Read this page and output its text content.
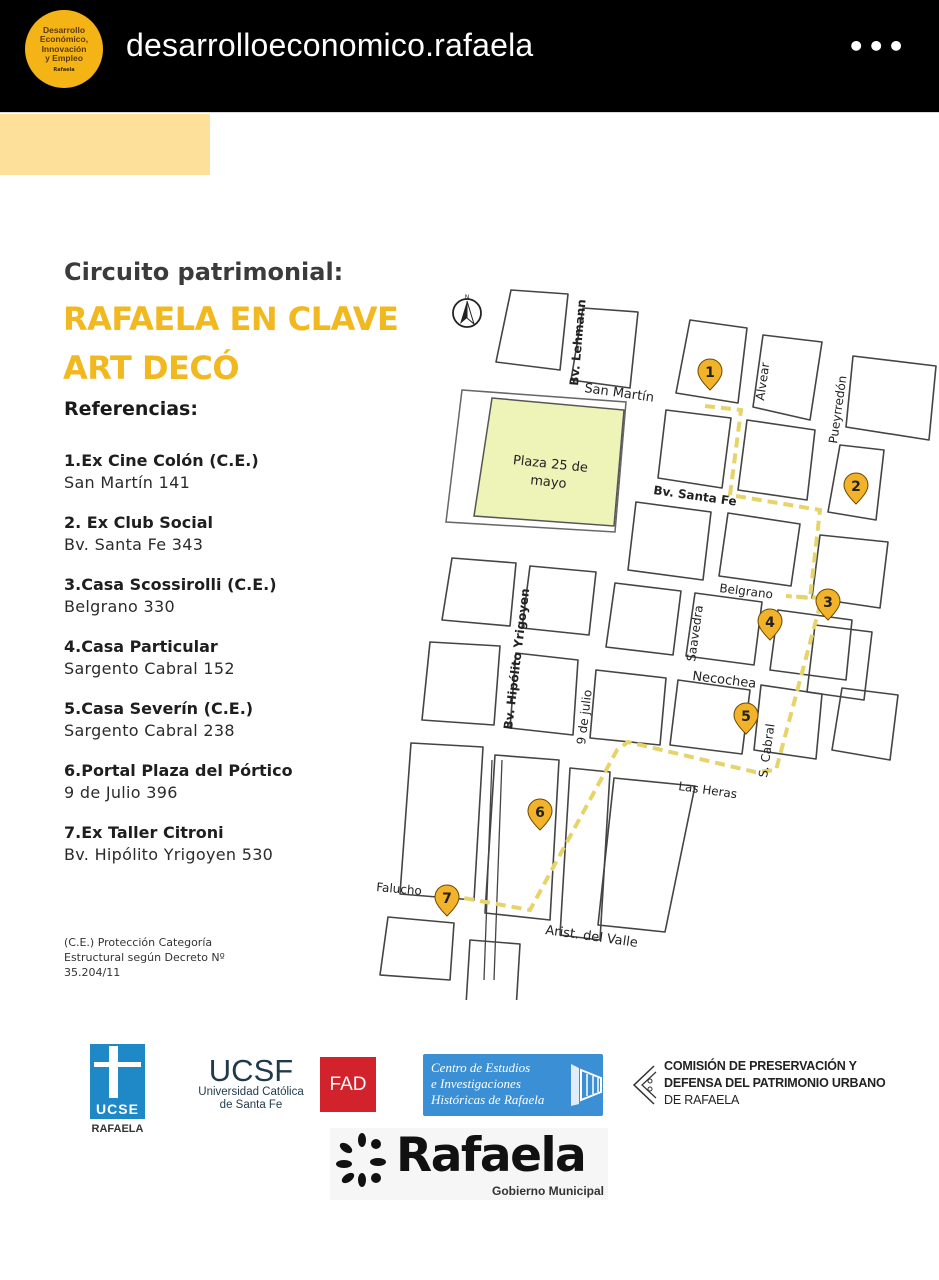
Desarrollo
Económico,
Innovación
y Empleo
Rafaela
desarrolloeconomico.rafaela	•••
Circuito patrimonial:
RAFAELA EN CLAVE
ART DECÓ
Referencias:
1.Ex Cine Colón (C.E.)
San Martín 141
2. Ex Club Social
Bv. Santa Fe 343
3.Casa Scossirolli (C.E.)
Belgrano 330
4.Casa Particular
Sargento Cabral 152
5.Casa Severín (C.E.)
Sargento Cabral 238
6.Portal Plaza del Pórtico
9 de Julio 396
7.Ex Taller Citroni
Bv. Hipólito Yrigoyen 530
(C.E.) Protección Categoría
Estructural según Decreto Nº
35.204/11
Plaza 25 de
mayo
N
Bv. Lehmann
San Martín	Alvear	Pueyrredón
Bv. Santa Fe
Belgrano
Saavedra
Necochea
Bv. Hipólito Yrigoyen	9 de julio
Las Heras
S. Cabral
Falucho
Arist. del Valle
1
2
3
4
5
6
7
UCSE
RAFAELA
UCSF
Universidad Católica
de Santa Fe
FAD
Centro de Estudios
e Investigaciones
Históricas de Rafaela
COMISIÓN DE PRESERVACIÓN Y
DEFENSA DEL PATRIMONIO URBANO
DE RAFAELA
Rafaela
Gobierno Municipal
